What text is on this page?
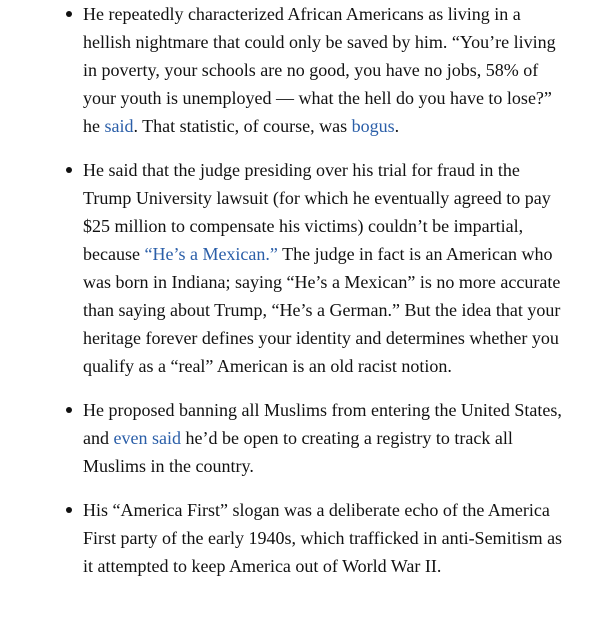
He repeatedly characterized African Americans as living in a hellish nightmare that could only be saved by him. “You’re living in poverty, your schools are no good, you have no jobs, 58% of your youth is unemployed — what the hell do you have to lose?” he said. That statistic, of course, was bogus.
He said that the judge presiding over his trial for fraud in the Trump University lawsuit (for which he eventually agreed to pay $25 million to compensate his victims) couldn’t be impartial, because “He’s a Mexican.” The judge in fact is an American who was born in Indiana; saying “He’s a Mexican” is no more accurate than saying about Trump, “He’s a German.” But the idea that your heritage forever defines your identity and determines whether you qualify as a “real” American is an old racist notion.
He proposed banning all Muslims from entering the United States, and even said he’d be open to creating a registry to track all Muslims in the country.
His “America First” slogan was a deliberate echo of the America First party of the early 1940s, which trafficked in anti-Semitism as it attempted to keep America out of World War II.
